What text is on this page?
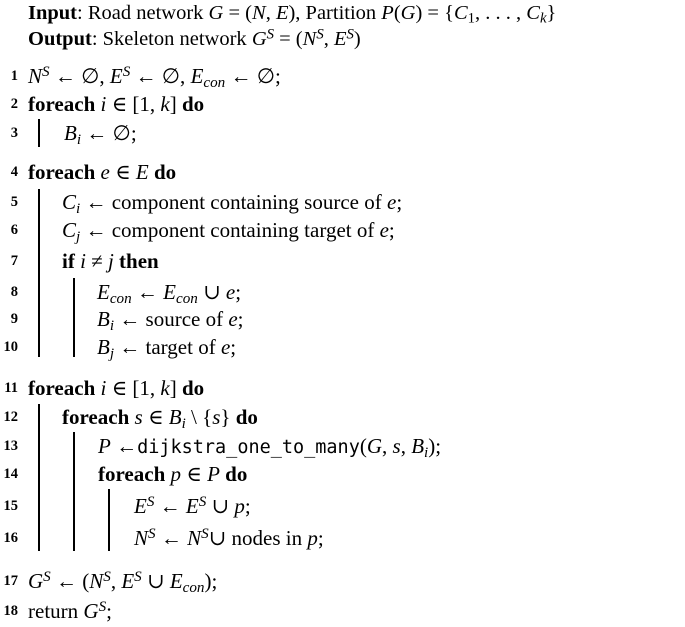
Input: Road network G = (N, E), Partition $P(G) = \{C_1$, . . . , $C_k$}
Output: Skeleton network $G^S = (N^S$, $E^S$)
1 $N^S$ ← ∅, $E^S$ ← ∅, $E_{con}$ ← ∅;
2 foreach i ∈ [1, k] do
3 $B_i$ ← ∅;
4 foreach e ∈ E do
5 $C_i$ ← component containing source of e;
6 $C_j$ ← component containing target of e;
7 if i ≠ j then
8	$E_{con}$ ← $E_{con}$ ∪ e;
9	$B_i$ ← source of e;
10	$B_j$ ← target of e;
11 foreach i ∈ [1, k] do
12 foreach s ∈ $B_i$ \ {s} do
13	P ←dijkstra_one_to_many(G, s, $B_i$);
14	foreach p ∈ P do
15	$E^S$ ← $E^S$ ∪ p;
16	$N^S$ ← $N^S\cup$ nodes in p;
17 $G^S$ ← ($N^S$, $E^S$ ∪ $E_{con}$);
18 return $G^S$;
